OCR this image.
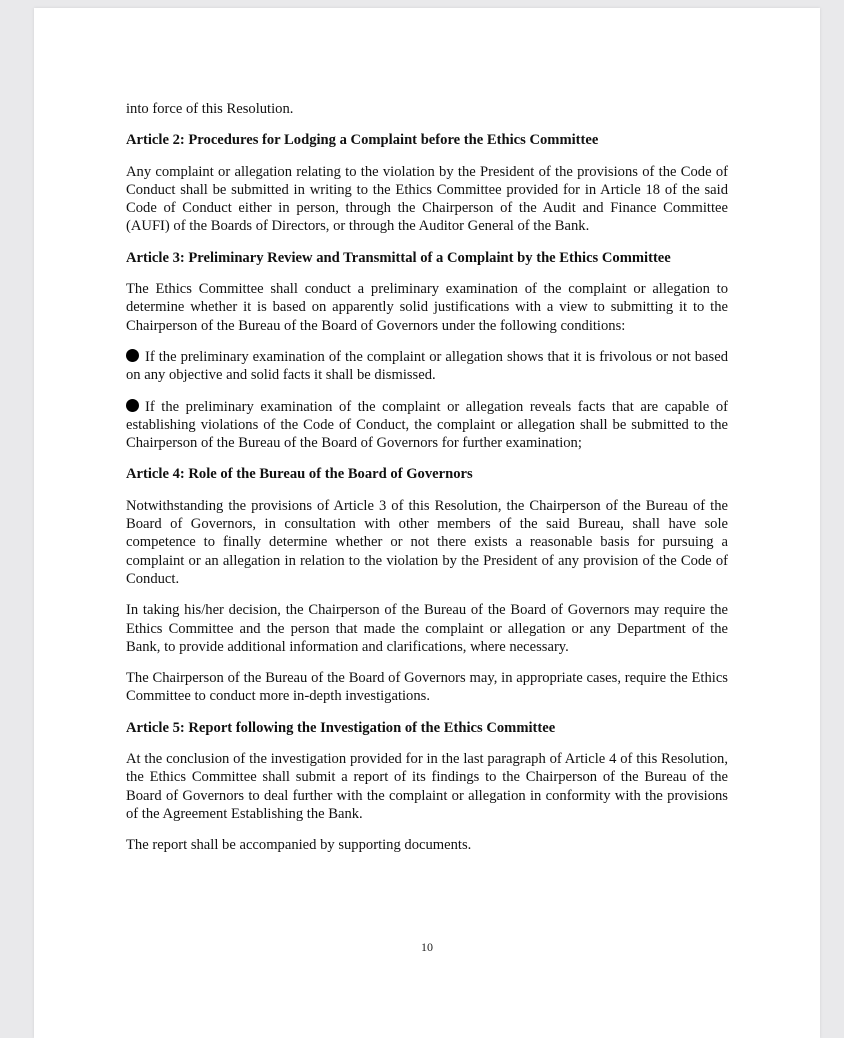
into force of this Resolution.

Article 2: Procedures for Lodging a Complaint before the Ethics Committee

Any complaint or allegation relating to the violation by the President of the provisions of the Code of Conduct shall be submitted in writing to the Ethics Committee provided for in Article 18 of the said Code of Conduct either in person, through the Chairperson of the Audit and Finance Committee (AUFI) of the Boards of Directors, or through the Auditor General of the Bank.

Article 3: Preliminary Review and Transmittal of a Complaint by the Ethics Committee

The Ethics Committee shall conduct a preliminary examination of the complaint or allegation to determine whether it is based on apparently solid justifications with a view to submitting it to the Chairperson of the Bureau of the Board of Governors under the following conditions:

If the preliminary examination of the complaint or allegation shows that it is frivolous or not based on any objective and solid facts it shall be dismissed.

If the preliminary examination of the complaint or allegation reveals facts that are capable of establishing violations of the Code of Conduct, the complaint or allegation shall be submitted to the Chairperson of the Bureau of the Board of Governors for further examination;

Article 4: Role of the Bureau of the Board of Governors

Notwithstanding the provisions of Article 3 of this Resolution, the Chairperson of the Bureau of the Board of Governors, in consultation with other members of the said Bureau, shall have sole competence to finally determine whether or not there exists a reasonable basis for pursuing a complaint or an allegation in relation to the violation by the President of any provision of the Code of Conduct.

In taking his/her decision, the Chairperson of the Bureau of the Board of Governors may require the Ethics Committee and the person that made the complaint or allegation or any Department of the Bank, to provide additional information and clarifications, where necessary.

The Chairperson of the Bureau of the Board of Governors may, in appropriate cases, require the Ethics Committee to conduct more in-depth investigations.

Article 5: Report following the Investigation of the Ethics Committee

At the conclusion of the investigation provided for in the last paragraph of Article 4 of this Resolution, the Ethics Committee shall submit a report of its findings to the Chairperson of the Bureau of the Board of Governors to deal further with the complaint or allegation in conformity with the provisions of the Agreement Establishing the Bank.

The report shall be accompanied by supporting documents.

10
